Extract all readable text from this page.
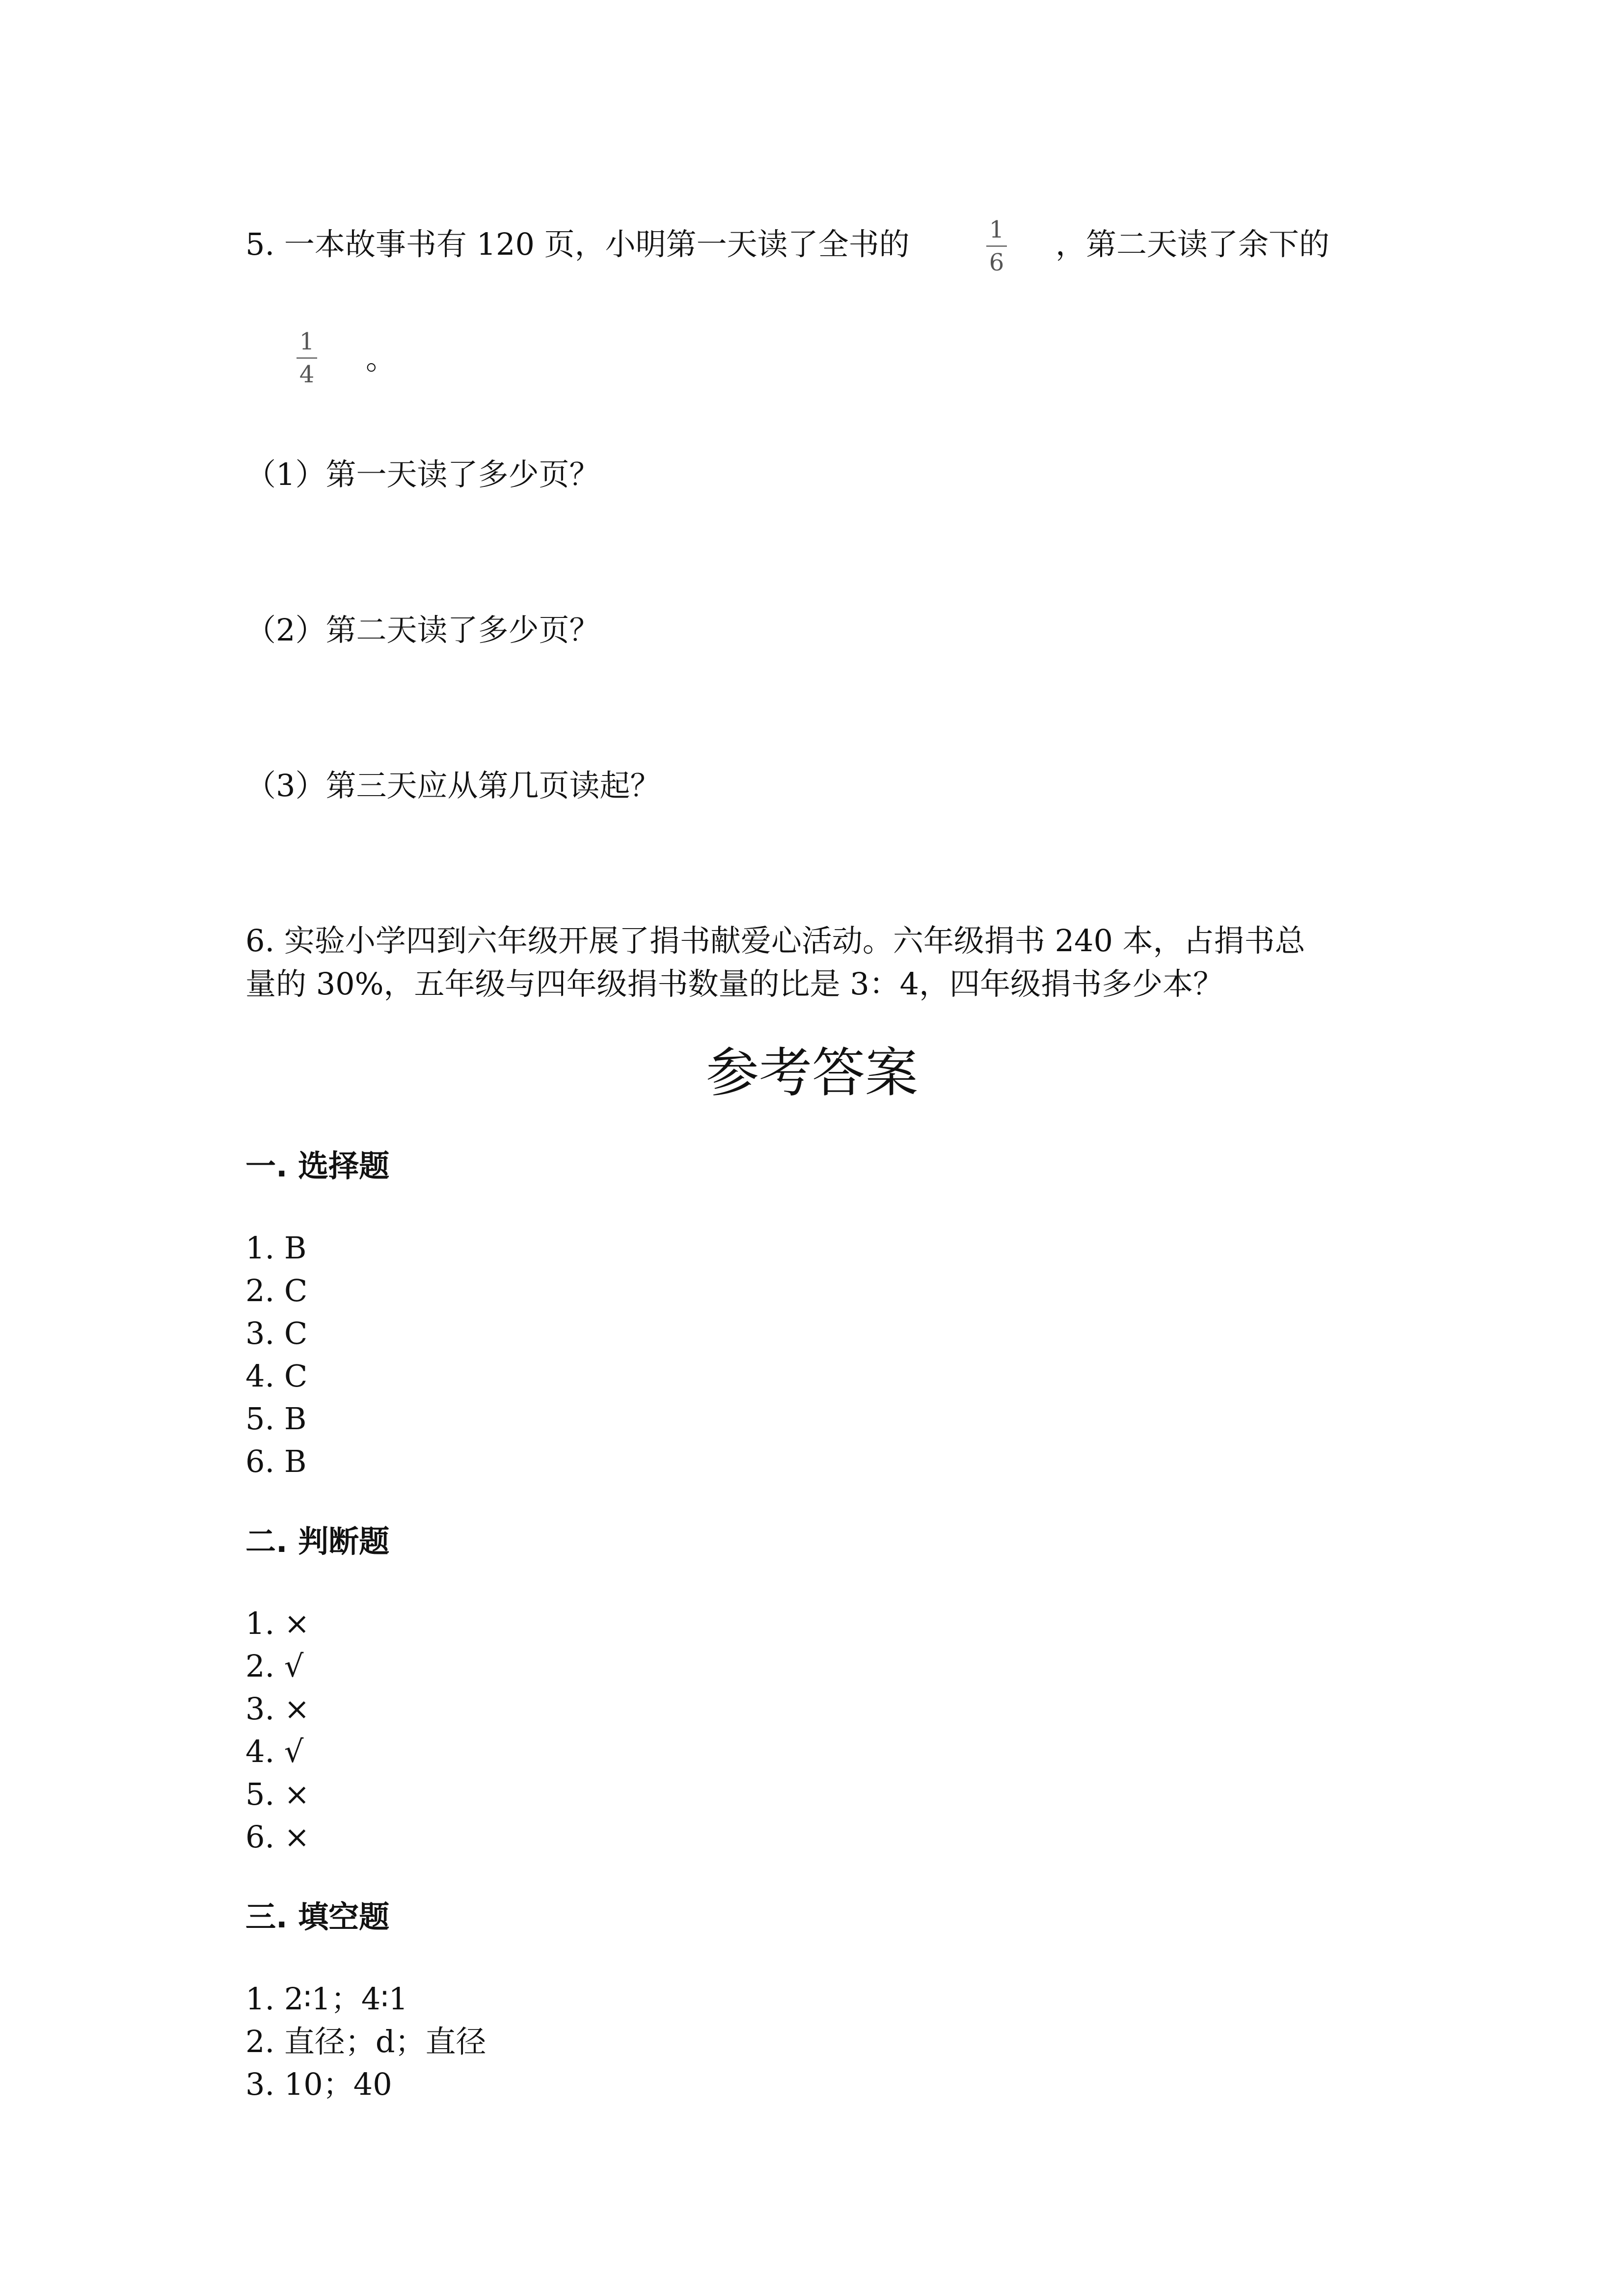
5. 一本故事书有 120 页，小明第一天读了全书的	1
6
，第二天读了余下的
1
4 。
（1）第一天读了多少页？
（2）第二天读了多少页？
（3）第三天应从第几页读起？
6. 实验小学四到六年级开展了捐书献爱心活动。六年级捐书 240 本，占捐书总
量的 30%，五年级与四年级捐书数量的比是 3：4，四年级捐书多少本？
参考答案
一. 选择题
1. B
2. C
3. C
4. C
5. B
6. B
二. 判断题
1. ×
2. √
3. ×
4. √
5. ×
6. ×
三. 填空题
1. 2∶1；4∶1
2. 直径；d；直径
3. 10；40
